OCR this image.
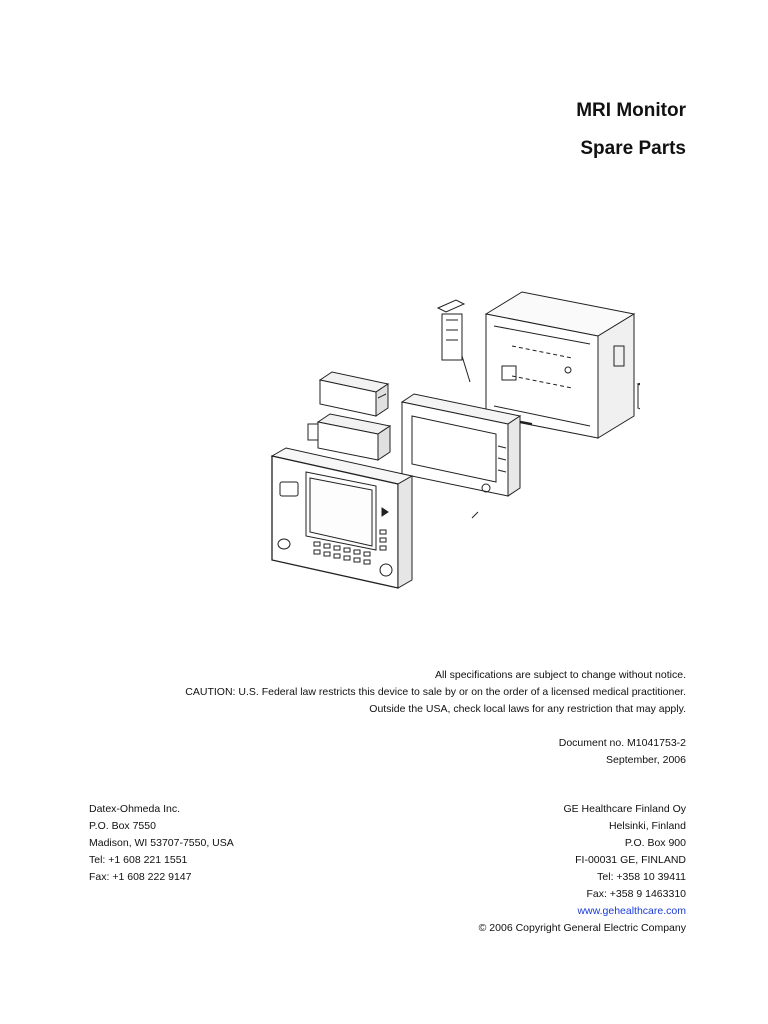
MRI Monitor
Spare Parts
All specifications are subject to change without notice.
CAUTION: U.S. Federal law restricts this device to sale by or on the order of a licensed medical practitioner.
Outside the USA, check local laws for any restriction that may apply.
Document no. M1041753-2
September, 2006
Datex-Ohmeda Inc.
P.O. Box 7550
Madison, WI 53707-7550, USA
Tel: +1 608 221 1551
Fax: +1 608 222 9147
GE Healthcare Finland Oy
Helsinki, Finland
P.O. Box 900
FI-00031 GE, FINLAND
Tel: +358 10 39411
Fax: +358 9 1463310
www.gehealthcare.com
© 2006 Copyright General Electric Company
